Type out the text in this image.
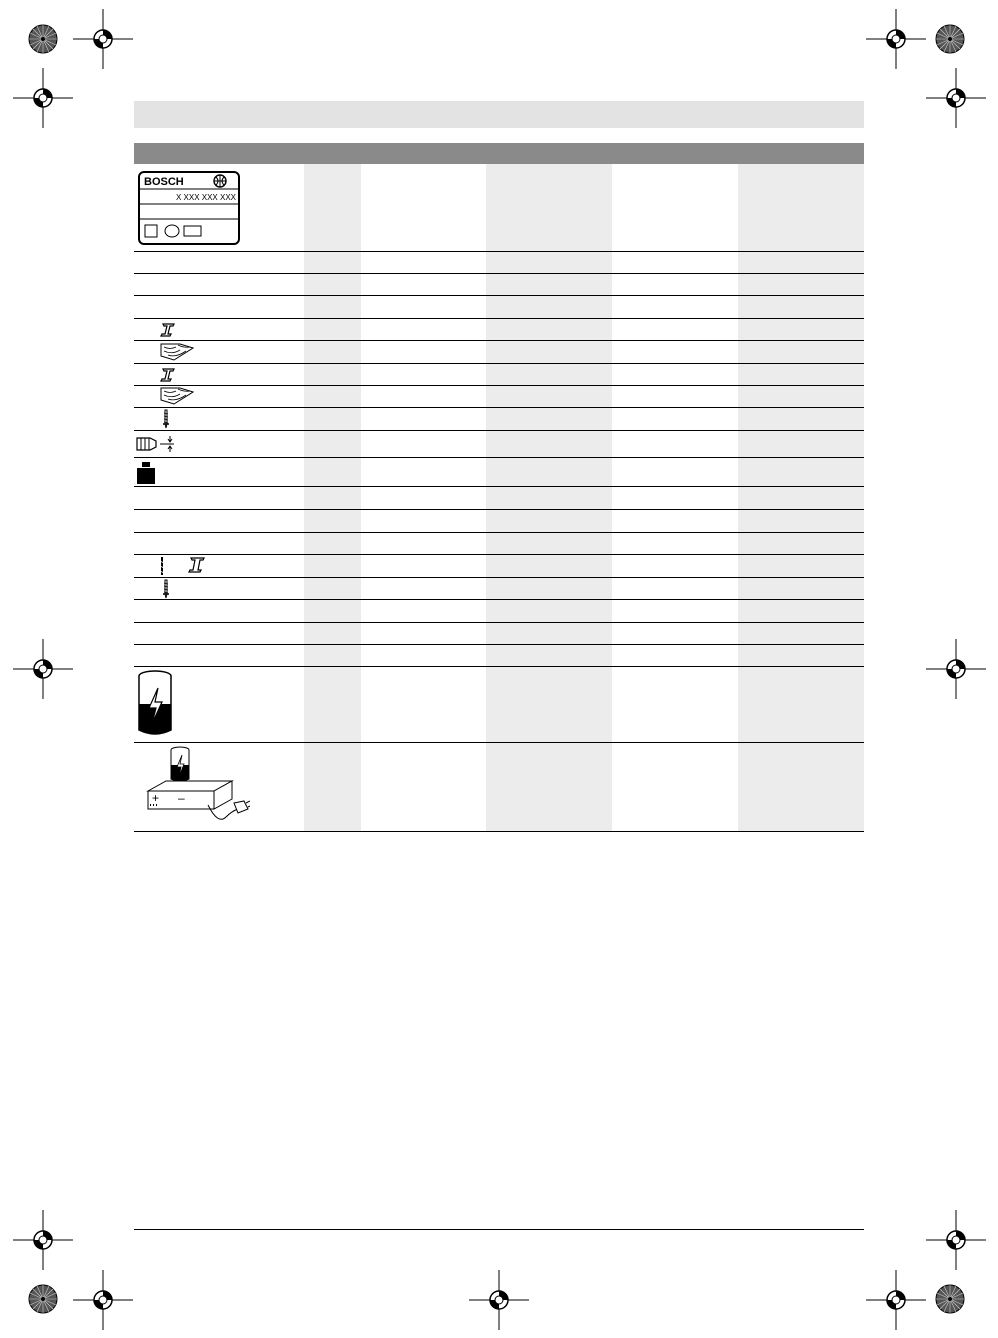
BOSCH
X XXX XXX XXX
+ –
